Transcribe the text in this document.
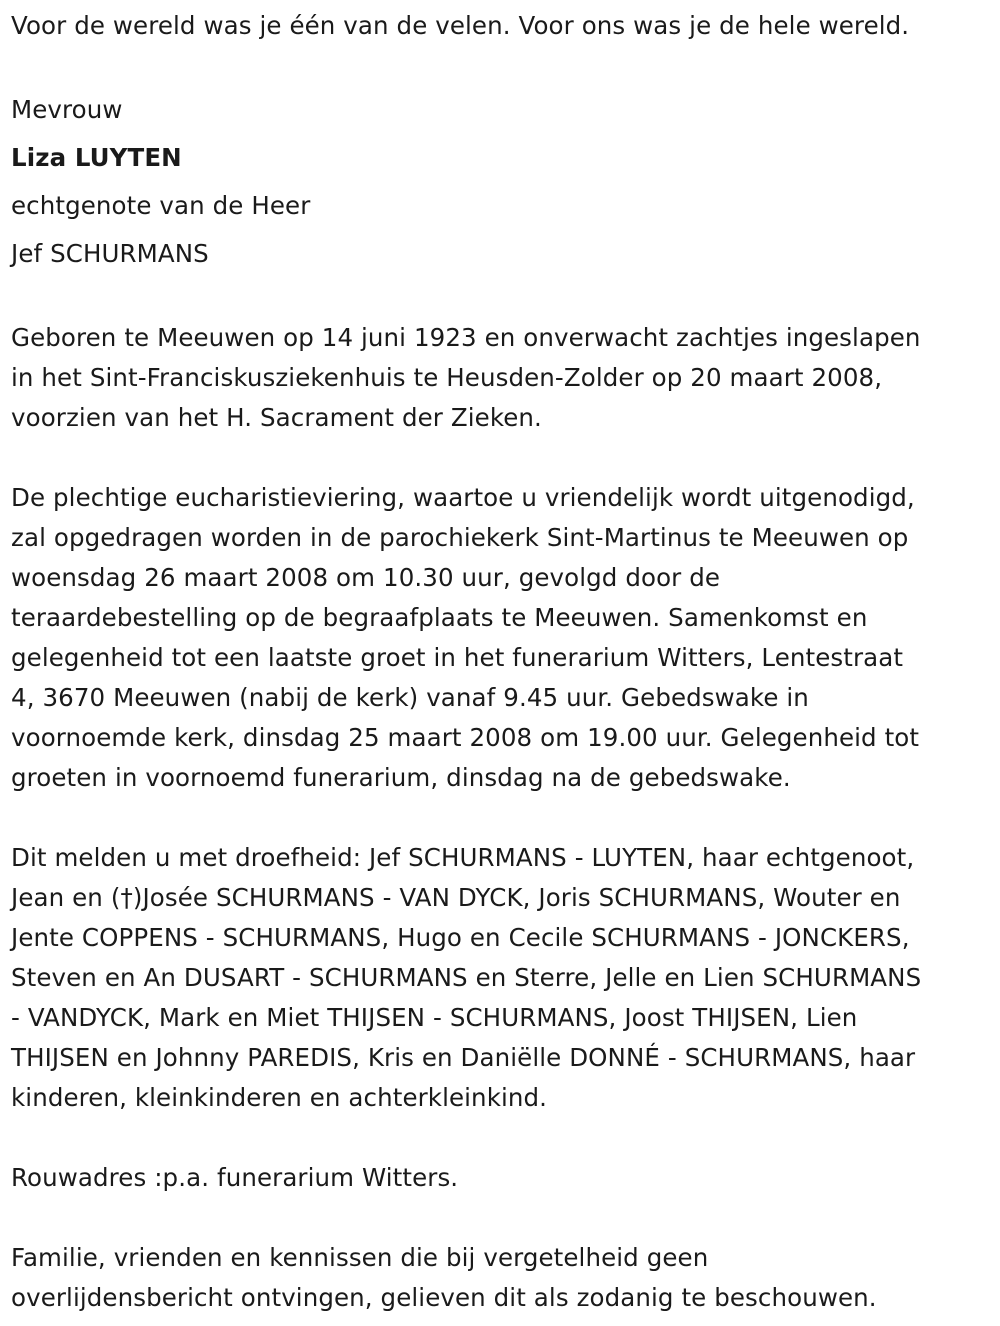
Voor de wereld was je één van de velen. Voor ons was je de hele wereld.
Mevrouw
Liza LUYTEN
echtgenote van de Heer
Jef SCHURMANS
Geboren te Meeuwen op 14 juni 1923 en onverwacht zachtjes ingeslapen
in het Sint-Franciskusziekenhuis te Heusden-Zolder op 20 maart 2008,
voorzien van het H. Sacrament der Zieken.
De plechtige eucharistieviering, waartoe u vriendelijk wordt uitgenodigd,
zal opgedragen worden in de parochiekerk Sint-Martinus te Meeuwen op
woensdag 26 maart 2008 om 10.30 uur, gevolgd door de
teraardebestelling op de begraafplaats te Meeuwen. Samenkomst en
gelegenheid tot een laatste groet in het funerarium Witters, Lentestraat
4, 3670 Meeuwen (nabij de kerk) vanaf 9.45 uur. Gebedswake in
voornoemde kerk, dinsdag 25 maart 2008 om 19.00 uur. Gelegenheid tot
groeten in voornoemd funerarium, dinsdag na de gebedswake.
Dit melden u met droefheid: Jef SCHURMANS - LUYTEN, haar echtgenoot,
Jean en (†)Josée SCHURMANS - VAN DYCK, Joris SCHURMANS, Wouter en
Jente COPPENS - SCHURMANS, Hugo en Cecile SCHURMANS - JONCKERS,
Steven en An DUSART - SCHURMANS en Sterre, Jelle en Lien SCHURMANS
- VANDYCK, Mark en Miet THIJSEN - SCHURMANS, Joost THIJSEN, Lien
THIJSEN en Johnny PAREDIS, Kris en Daniëlle DONNÉ - SCHURMANS, haar
kinderen, kleinkinderen en achterkleinkind.
Rouwadres :p.a. funerarium Witters.
Familie, vrienden en kennissen die bij vergetelheid geen
overlijdensbericht ontvingen, gelieven dit als zodanig te beschouwen.
